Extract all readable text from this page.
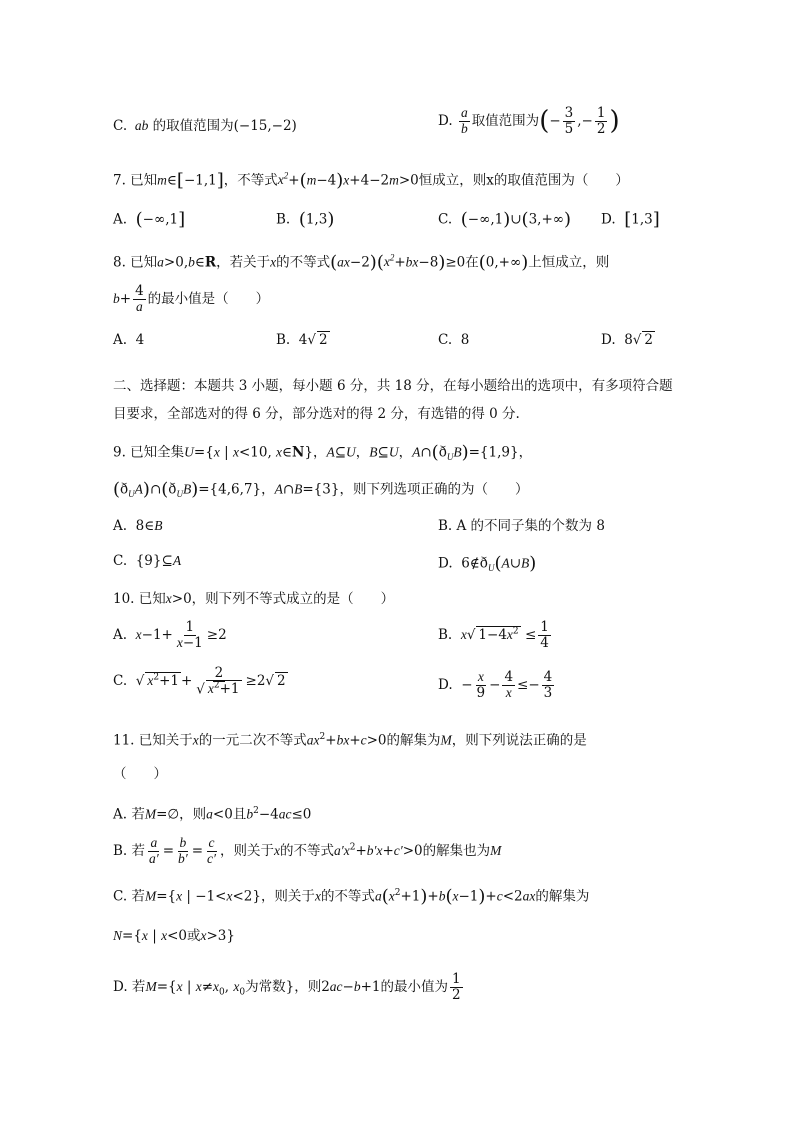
C.  ab 的取值范围为(−15,−2)	D. $\frac{a}{b}$ 取值范围为(− $\frac{3}{5}$ ,− $\frac{1}{2}$ )
7. 已知m∈[−1,1]，不等式$x^2+(m-4)x+4-2m>0$恒成立，则x的取值范围为（　　）
A. (−∞,1]	B. (1,3)	C. (−∞,1)∪(3,+∞) D. [1,3]
8. 已知a>0,b∈R，若关于x的不等式$(ax-2)(x^2+bx-8)\ge 0$在(0,+∞)上恒成立，则
$b+ \frac{4}{a}$ 的最小值是（　　）
A. 4	B.  4√ 2	C. 8	D.  8√ 2
二、选择题：本题共 3 小题，每小题 6 分，共 18 分，在每小题给出的选项中，有多项符合题
目要求，全部选对的得 6 分，部分选对的得 2 分，有选错的得 0 分.
9. 已知全集U={x | x<10, x∈N}，A⊆U，B⊆U，$A\cap(ð_UB)=\{1,9\}$，
$(ð_UA)\cap(ð_UB)=\{4,6,7\}$，A∩B={3}，则下列选项正确的为（　　）
A.  8∈B	B. A 的不同子集的个数为 8
C.  {9}⊆A	D.  $6\notin ð_U(A\cup B)$
10. 已知x>0，则下列不等式成立的是（　　）
A. $x-1+ \frac{1}{x-1} \ge 2$	B. x√ $1-4x^2 \le \frac{1}{4}$
C.  √ $x^2+1 + \frac{2}{√ x^2+1} \ge 2√$ 2	D.  − $\frac{x}{9} - \frac{4}{x} \le- \frac{4}{3}$
11. 已知关于x的一元二次不等式$ax^2+bx+c>0$的解集为M，则下列说法正确的是
（　　）
A. 若M=∅，则a<0且$b^2-4ac\le 0$
B. 若 $\frac{a}{a'} = \frac{b}{b'} = \frac{c}{c'}$ ，则关于x的不等式$a'x^2+b'x+c'>0$的解集也为M
C. 若M={x | −1<x<2}，则关于x的不等式$a(x^2+1)+b(x-1)+c<2ax$的解集为
N={x | x<0或x>3}
D. 若M={x | $x\ne x_0$, $x_0$为常数}，则2ac−b+1的最小值为 $\frac{1}{2}$
